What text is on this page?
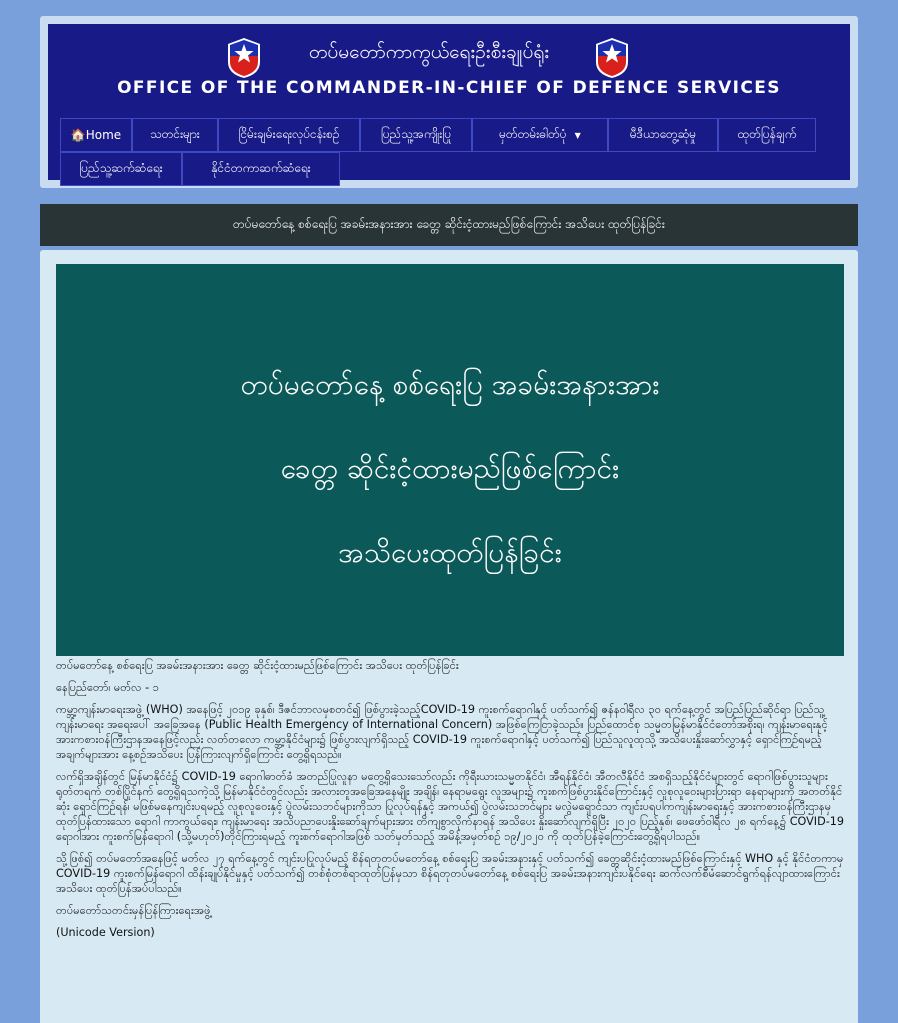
တပ်မတော်ကာကွယ်ရေးဦးစီးချုပ်ရုံး
OFFICE OF THE COMMANDER-IN-CHIEF OF DEFENCE SERVICES
🏠Home သတင်းများ	ငြိမ်းချမ်းရေးလုပ်ငန်းစဉ်	ပြည်သူ့အကျိုးပြု	မှတ်တမ်းဓါတ်ပုံ ▼	မီဒီယာတွေ့ဆုံမှု	ထုတ်ပြန်ချက်
ပြည်သူ့ဆက်ဆံရေး	နိုင်ငံတကာဆက်ဆံရေး
တပ်မတော်နေ့ စစ်ရေးပြ အခမ်းအနားအား ခေတ္တ ဆိုင်းငံ့ထားမည်ဖြစ်ကြောင်း အသိပေး ထုတ်ပြန်ခြင်း
တပ်မတော်နေ့ စစ်ရေးပြ အခမ်းအနားအား
ခေတ္တ ဆိုင်းငံ့ထားမည်ဖြစ်ကြောင်း
အသိပေးထုတ်ပြန်ခြင်း

တပ်မတော်နေ့ စစ်ရေးပြ အခမ်းအနားအား ခေတ္တ ဆိုင်းငံ့ထားမည်ဖြစ်ကြောင်း အသိပေး ထုတ်ပြန်ခြင်း

နေပြည်တော်၊ မတ်လ - ၁

ကမ္ဘာ့ကျန်းမာရေးအဖွဲ့ (WHO) အနေဖြင့် ၂၀၁၉ ခုနှစ်၊ ဒီဇင်ဘာလမှစတင်၍ ဖြစ်ပွားခဲ့သည့်COVID-19 ကူးစက်ရောဂါနှင့် ပတ်သက်၍ ဇန်နဝါရီလ ၃၀ ရက်နေ့တွင် အပြည်ပြည်ဆိုင်ရာ ပြည်သူ့ကျန်းမာရေး အရေးပေါ် အခြေအနေ (Public Health Emergency of International Concern) အဖြစ်ကြေငြာခဲ့သည်။ ပြည်ထောင်စု သမ္မတမြန်မာနိုင်ငံတော်အစိုးရ၊ ကျန်းမာရေးနှင့် အားကစားဝန်ကြီးဌာနအနေဖြင့်လည်း လတ်တလော ကမ္ဘာ့နိုင်ငံများ၌ ဖြစ်ပွားလျက်ရှိသည့် COVID-19 ကူးစက်ရောဂါနှင့် ပတ်သက်၍ ပြည်သူလူထုသို့ အသိပေးနှိုးဆော်လွှာနှင့် ရှောင်ကြဉ်ရမည့် အချက်များအား နေ့စဉ်အသိပေး ပြန်ကြားလျက်ရှိကြောင်း တွေ့ရှိရသည်။

လက်ရှိအချိန်တွင် မြန်မာနိုင်ငံ၌ COVID-19 ရောဂါဓာတ်ခံ အတည်ပြုလူနာ မတွေ့ရှိသေးသော်လည်း ကိုရီးယားသမ္မတနိုင်ငံ၊ အီရန်နိုင်ငံ၊ အီတလီနိုင်ငံ အစရှိသည့်နိုင်ငံများတွင် ရောဂါဖြစ်ပွားသူများ ရုတ်တရက် တစ်ပြိုင်နက် တွေ့ရှိရသကဲ့သို့ မြန်မာနိုင်ငံတွင်လည်း အလားတူအခြေအနေမျိုး အချိန်၊ နေရာမရွေး လူအများ၌ ကူးစက်ဖြစ်ပွားနိုင်ကြောင်းနှင့် လူစုလူဝေးများပြားရာ နေရာများကို အတတ်နိုင်ဆုံး ရှောင်ကြဉ်ရန်၊ မဖြစ်မနေကျင်းပရမည့် လူစုလူဝေးနှင့် ပွဲလမ်းသဘင်များကိုသာ ပြုလုပ်ရန်နှင့် အကယ်၍ ပွဲလမ်းသဘင်များ မလွဲမရှောင်သာ ကျင်းပရပါကကျန်းမာရေးနှင့် အားကစားဝန်ကြီးဌာနမှ ထုတ်ပြန်ထားသော ရောဂါ ကာကွယ်ရေး၊ ကျန်းမာရေး အသိပညာပေးနှိုးဆော်ချက်များအား တိကျစွာလိုက်နာရန် အသိပေး နှိုးဆော်လျက်ရှိပြီး ၂၀၂၀ ပြည့်နှစ်၊ ဖေဖော်ဝါရီလ ၂၈ ရက်နေ့၌ COVID-19 ရောဂါအား ကူးစက်မြန်ရောဂါ (သို့မဟုတ်)တိုင်ကြားရမည့် ကူးစက်ရောဂါအဖြစ် သတ်မှတ်သည့် အမိန့်အမှတ်စဉ် ၁၉/၂၀၂၀ ကို ထုတ်ပြန်ခဲ့ကြောင်းတွေ့ရှိရပါသည်။

သို့ဖြစ်၍ တပ်မတော်အနေဖြင့် မတ်လ ၂၇ ရက်နေ့တွင် ကျင်းပပြုလုပ်မည့် စိန်ရတုတပ်မတော်နေ့ စစ်ရေးပြ အခမ်းအနားနှင့် ပတ်သက်၍ ခေတ္တဆိုင်းငံ့ထားမည်ဖြစ်ကြောင်းနှင့် WHO နှင့် နိုင်ငံတကာမှ COVID-19 ကူးစက်မြန်ရောဂါ ထိန်းချုပ်နိုင်မှုနှင့် ပတ်သက်၍ တစ်စုံတစ်ရာထုတ်ပြန်မှသာ စိန်ရတုတပ်မတော်နေ့ စစ်ရေးပြ အခမ်းအနားကျင်းပနိုင်ရေး ဆက်လက်စီမံဆောင်ရွက်ရန်လျာထားကြောင်း အသိပေး ထုတ်ပြန်အပ်ပါသည်။

တပ်မတော်သတင်းမှန်ပြန်ကြားရေးအဖွဲ့

(Unicode Version)
